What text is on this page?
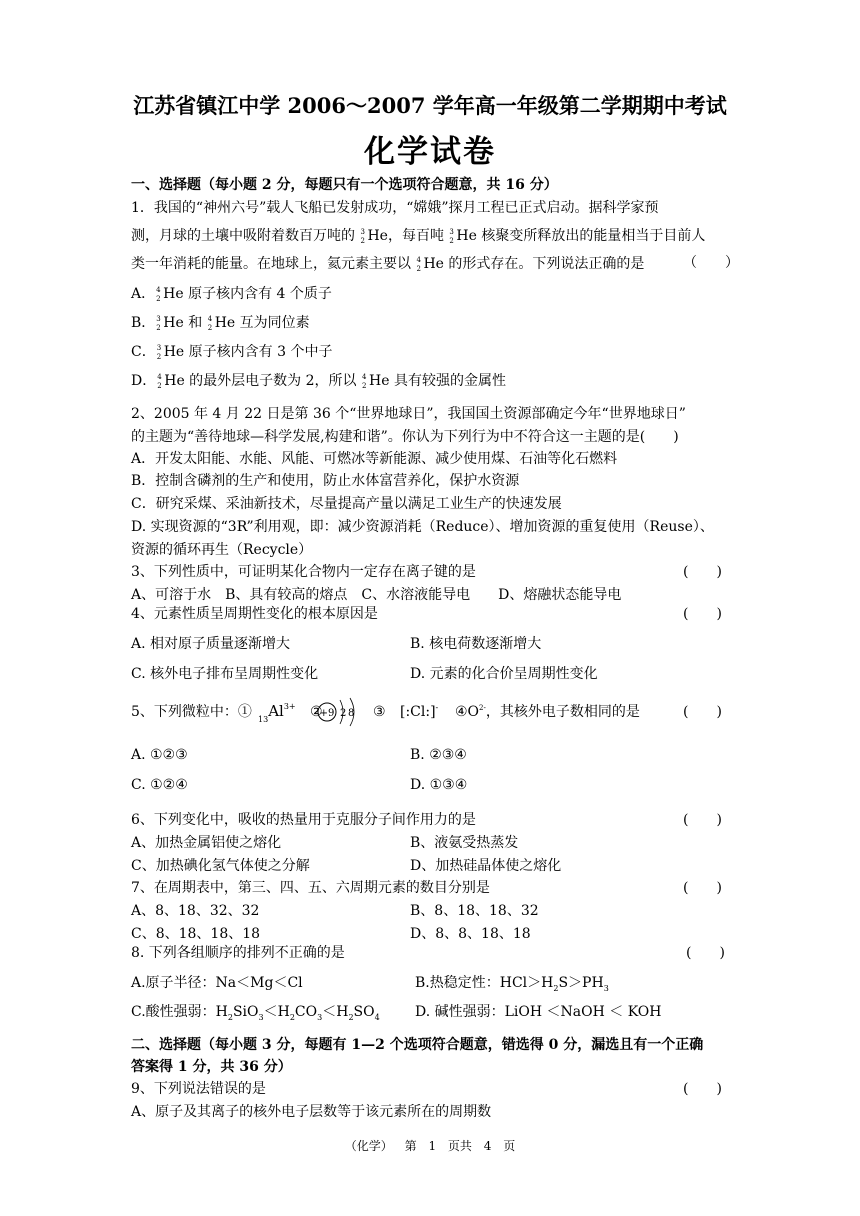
江苏省镇江中学 2006～2007 学年高一年级第二学期期中考试
化学试卷
一、选择题（每小题 2 分，每题只有一个选项符合题意，共 16 分）
1．我国的“神州六号”载人飞船已发射成功，“嫦娥”探月工程已正式启动。据科学家预
测，月球的土壤中吸附着数百万吨的 3
2 He，每百吨 3
2 He 核聚变所释放出的能量相当于目前人
类一年消耗的能量。在地球上，氦元素主要以 4
2 He 的形式存在。下列说法正确的是	（　　）
A． 4
2 He 原子核内含有 4 个质子
B． 3
2 He 和 4
2 He 互为同位素
C． 3
2 He 原子核内含有 3 个中子
D． 4
2 He 的最外层电子数为 2，所以 4
2 He 具有较强的金属性
2、2005 年 4 月 22 日是第 36 个“世界地球日”，我国国土资源部确定今年“世界地球日”
的主题为“善待地球—科学发展,构建和谐”。你认为下列行为中不符合这一主题的是(　　)
A．开发太阳能、水能、风能、可燃冰等新能源、减少使用煤、石油等化石燃料
B．控制含磷剂的生产和使用，防止水体富营养化，保护水资源
C．研究采煤、采油新技术，尽量提高产量以满足工业生产的快速发展
D. 实现资源的“3R”利用观，即：减少资源消耗（Reduce）、增加资源的重复使用（Reuse）、
资源的循环再生（Recycle）
3、下列性质中，可证明某化合物内一定存在离子键的是	(　　)
A、可溶于水　B、具有较高的熔点　C、水溶液能导电　　D、熔融状态能导电
4、元素性质呈周期性变化的根本原因是	(　　)
A. 相对原子质量逐渐增大	B. 核电荷数逐渐增大
C. 核外电子排布呈周期性变化	D. 元素的化合价呈周期性变化
5、下列微粒中：① $_{13}Al^{3+}$ ②
+9 2 8 ③ [:Cl:]- $④O^{2-}$，其核外电子数相同的是	(　　)
A. ①②③	B. ②③④
C. ①②④	D. ①③④
6、下列变化中，吸收的热量用于克服分子间作用力的是	(　　)
A、加热金属铝使之熔化	B、液氨受热蒸发
C、加热碘化氢气体使之分解	D、加热硅晶体使之熔化
7、在周期表中，第三、四、五、六周期元素的数目分别是	(　　)
A、8、18、32、32	B、8、18、18、32
C、8、18、18、18	D、8、8、18、18
8. 下列各组顺序的排列不正确的是	(　　)
A.原子半径：Na＜Mg＜Cl	B.热稳定性：$HCl>H_2S>PH_3$
C.酸性强弱：$H_2SiO_3<H_2CO_3<H_2SO_4$	D. 碱性强弱：LiOH ＜NaOH ＜ KOH
二、选择题（每小题 3 分，每题有 1—2 个选项符合题意，错选得 0 分，漏选且有一个正确
答案得 1 分，共 36 分）
9、下列说法错误的是	(　　)
A、原子及其离子的核外电子层数等于该元素所在的周期数
（化学） 第 1 页共 4 页
